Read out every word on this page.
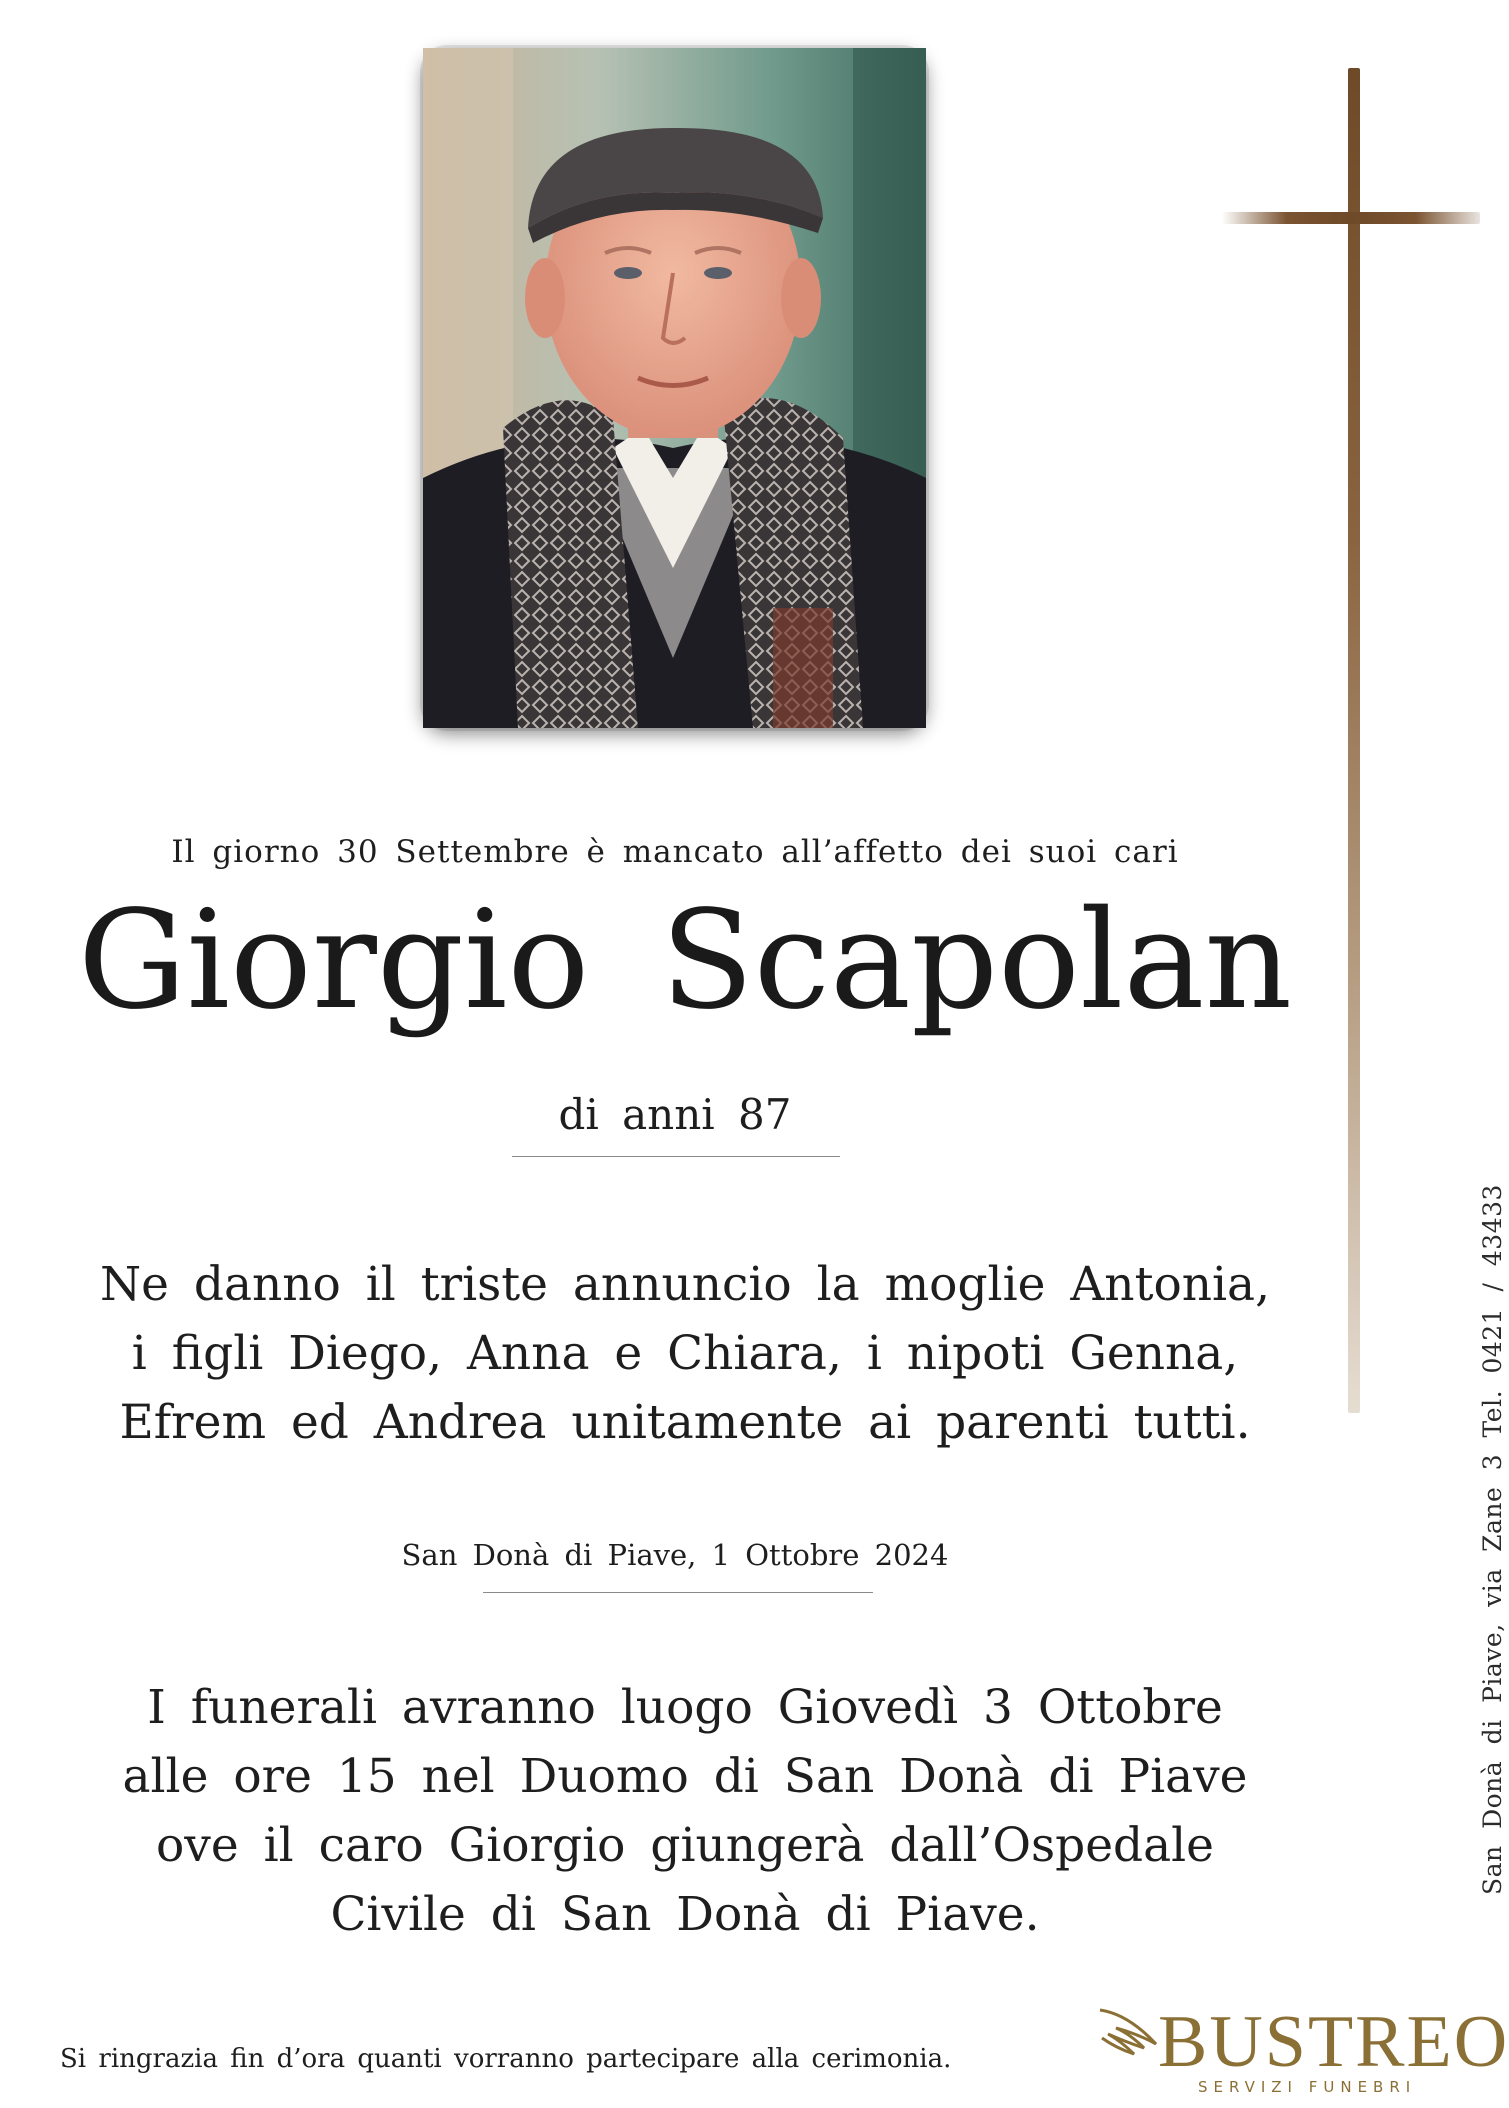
Il giorno 30 Settembre è mancato all’affetto dei suoi cari
Giorgio Scapolan
di anni 87
Ne danno il triste annuncio la moglie Antonia,
i figli Diego, Anna e Chiara, i nipoti Genna,
Efrem ed Andrea unitamente ai parenti tutti.
San Donà di Piave, 1 Ottobre 2024
I funerali avranno luogo Giovedì 3 Ottobre
alle ore 15 nel Duomo di San Donà di Piave
ove il caro Giorgio giungerà dall’Ospedale
Civile di San Donà di Piave.
Si ringrazia fin d’ora quanti vorranno partecipare alla cerimonia.
San Donà di Piave, via Zane 3 Tel. 0421 / 43433
BUSTREO
SERVIZI FUNEBRI
